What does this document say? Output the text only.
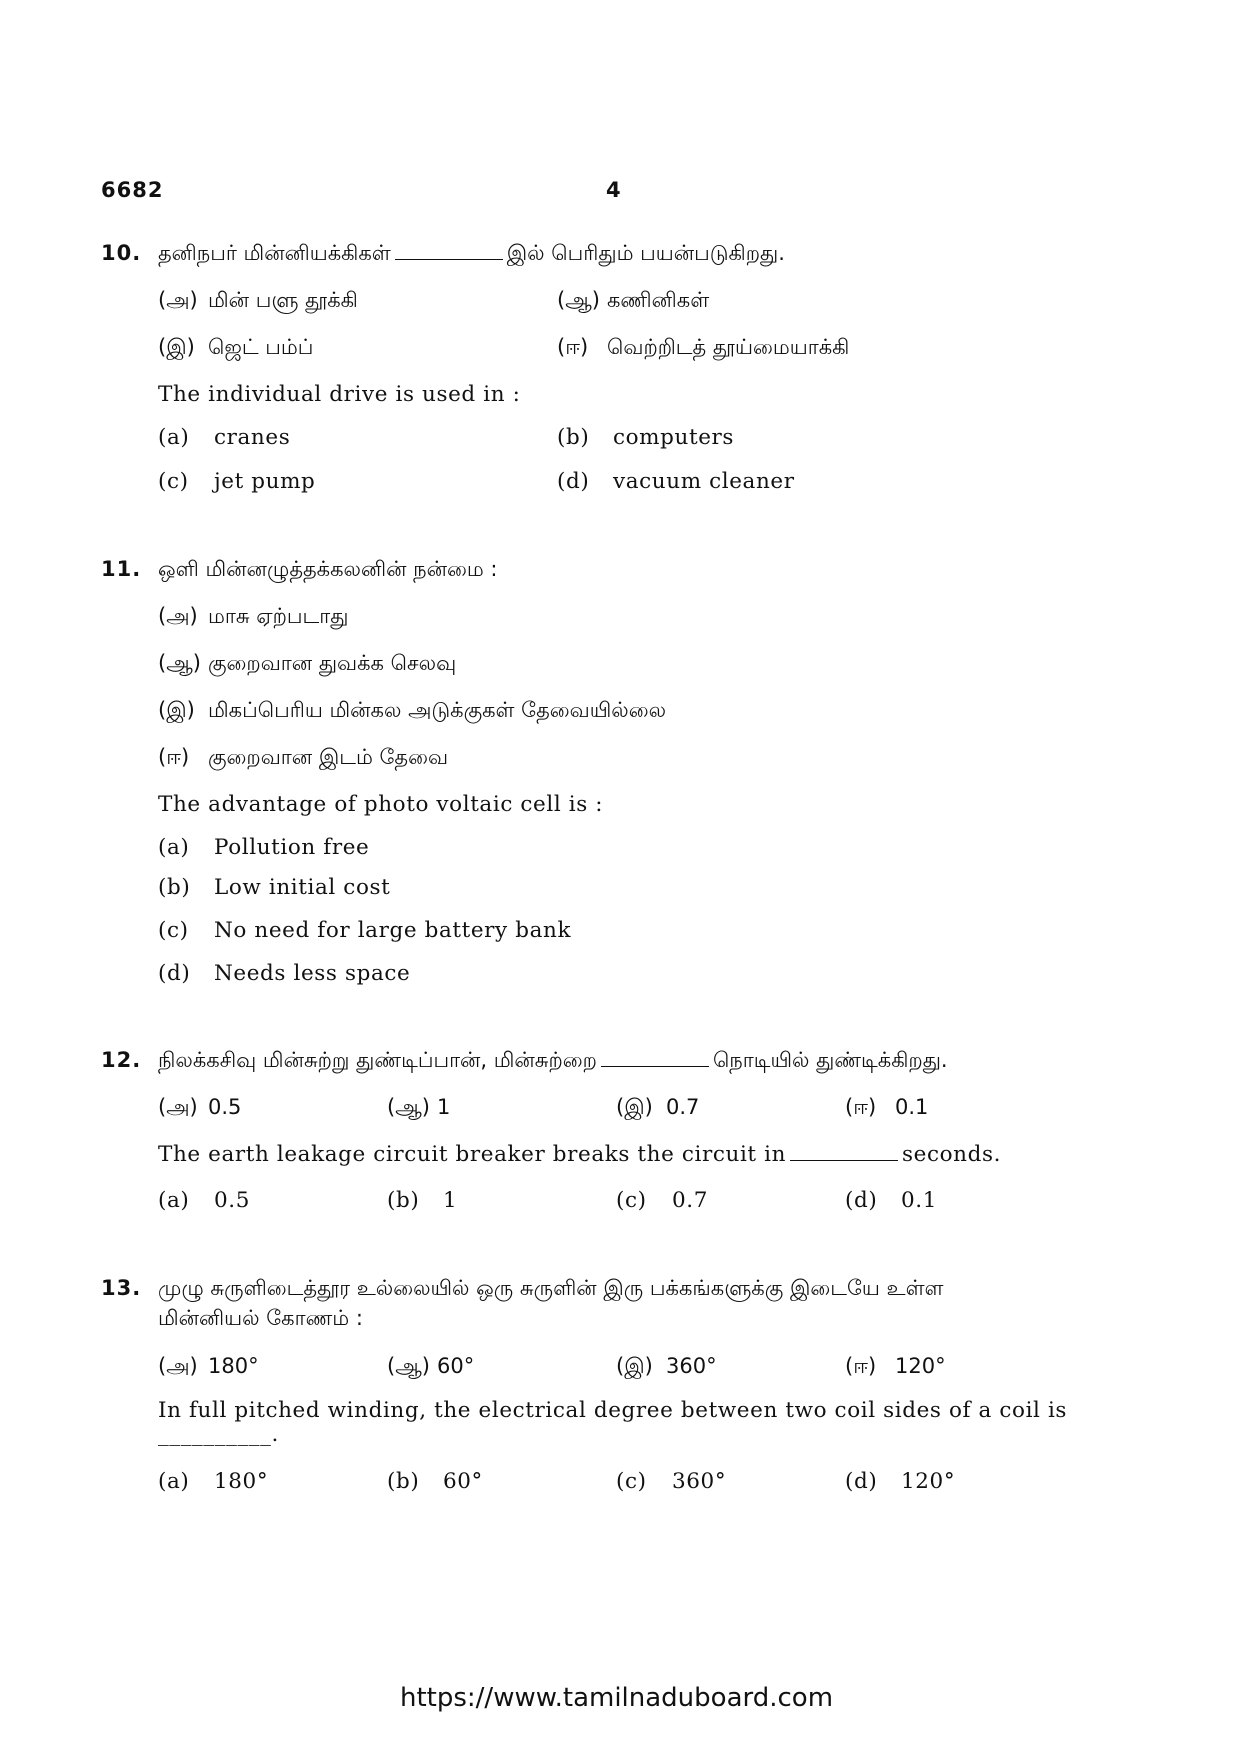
6682	4
10. தனிநபர் மின்னியக்கிகள்	இல் பெரிதும் பயன்படுகிறது.
(அ) மின் பளு தூக்கி	(ஆ) கணினிகள்
(இ) ஜெட் பம்ப்	(ஈ) வெற்றிடத் தூய்மையாக்கி
The individual drive is used in :
(a) cranes	(b) computers
(c) jet pump	(d) vacuum cleaner
11. ஒளி மின்னழுத்தக்கலனின் நன்மை :
(அ) மாசு ஏற்படாது
(ஆ) குறைவான துவக்க செலவு
(இ) மிகப்பெரிய மின்கல அடுக்குகள் தேவையில்லை
(ஈ) குறைவான இடம் தேவை
The advantage of photo voltaic cell is :
(a) Pollution free
(b) Low initial cost
(c) No need for large battery bank
(d) Needs less space
12. நிலக்கசிவு மின்சுற்று துண்டிப்பான், மின்சுற்றை	நொடியில் துண்டிக்கிறது.
(அ) 0.5	(ஆ) 1	(இ) 0.7	(ஈ) 0.1
The earth leakage circuit breaker breaks the circuit in	seconds.
(a) 0.5	(b) 1	(c) 0.7	(d) 0.1
13. முழு சுருளிடைத்தூர உல்லையில் ஒரு சுருளின் இரு பக்கங்களுக்கு இடையே உள்ள
மின்னியல் கோணம் :
(அ) 180°	(ஆ) 60°	(இ) 360°	(ஈ) 120°
In full pitched winding, the electrical degree between two coil sides of a coil is
__________.
(a) 180°	(b) 60°	(c) 360°	(d) 120°
https://www.tamilnaduboard.com
